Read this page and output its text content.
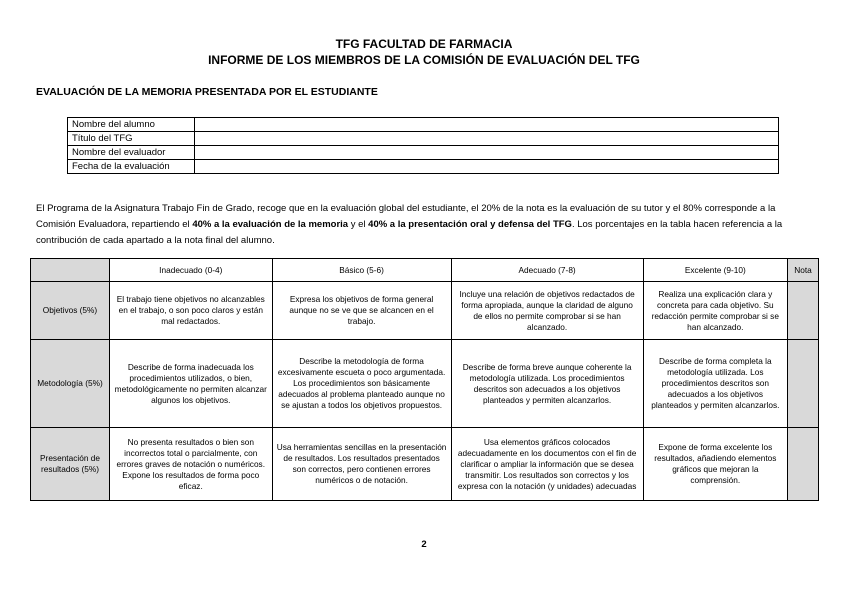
TFG FACULTAD DE FARMACIA
INFORME DE LOS MIEMBROS DE LA COMISIÓN DE EVALUACIÓN DEL TFG
EVALUACIÓN DE LA MEMORIA PRESENTADA POR EL ESTUDIANTE
Nombre del alumno	
Título del TFG	
Nombre del evaluador	
Fecha de la evaluación	
El Programa de la Asignatura Trabajo Fin de Grado, recoge que en la evaluación global del estudiante, el 20% de la nota es la evaluación de su tutor y el 80% corresponde a la Comisión Evaluadora, repartiendo el 40% a la evaluación de la memoria y el 40% a la presentación oral y defensa del TFG. Los porcentajes en la tabla hacen referencia a la contribución de cada apartado a la nota final del alumno.
	Inadecuado (0-4)	Básico (5-6)	Adecuado (7-8)	Excelente (9-10)	Nota
Objetivos (5%)	El trabajo tiene objetivos no alcanzables en el trabajo, o son poco claros y están mal redactados.	Expresa los objetivos de forma general aunque no se ve que se alcancen en el trabajo.	Incluye una relación de objetivos redactados de forma apropiada, aunque la claridad de alguno de ellos no permite comprobar si se han alcanzado.	Realiza una explicación clara y concreta para cada objetivo. Su redacción permite comprobar si se han alcanzado.	
Metodología (5%)	Describe de forma inadecuada los procedimientos utilizados, o bien, metodológicamente no permiten alcanzar algunos los objetivos.	Describe la metodología de forma excesivamente escueta o poco argumentada. Los procedimientos son básicamente adecuados al problema planteado aunque no se ajustan a todos los objetivos propuestos.	Describe de forma breve aunque coherente la metodología utilizada. Los procedimientos descritos son adecuados a los objetivos planteados y permiten alcanzarlos.	Describe de forma completa la metodología utilizada. Los procedimientos descritos son adecuados a los objetivos planteados y permiten alcanzarlos.	
Presentación de resultados (5%)	No presenta resultados o bien son incorrectos total o parcialmente, con errores graves de notación o numéricos. Expone los resultados de forma poco eficaz.	Usa herramientas sencillas en la presentación de resultados. Los resultados presentados son correctos, pero contienen errores numéricos o de notación.	Usa elementos gráficos colocados adecuadamente en los documentos con el fin de clarificar o ampliar la información que se desea transmitir. Los resultados son correctos y los expresa con la notación (y unidades) adecuadas	Expone de forma excelente los resultados, añadiendo elementos gráficos que mejoran la comprensión.	
2
